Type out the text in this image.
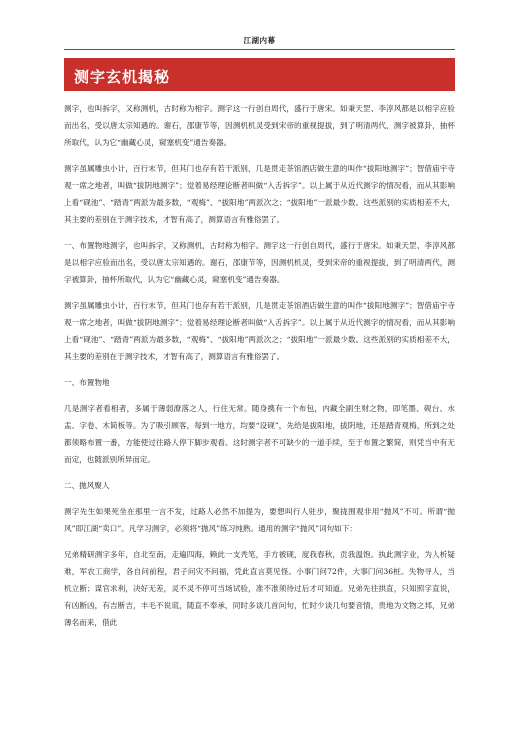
江湖内幕
测字玄机揭秘

测字，也叫拆字，又称测机，古时称为相字。测字这一行创自周代，盛行于唐宋。如秉天罡、李淳风都是以相字应验而出名，受以唐太宗知遇的。谢石，邵康节等，因测机机灵受到宋帝的重视提拔，到了明清两代，测字被算卦，抽杯所取代，认为它“幽藏心灵，窥塞机变”通告奏器。

测字虽属雕虫小计，百行末节，但其门也存有若干派别，几是贯走茶馆酒店做生意的叫作“拔阳地测字”；智借庙宇寺观一席之地者，叫做“拔阴地测字”；觉着易经理论断者叫做“入舌拆字”。以上属于从近代测字的情况看，而从其影响上看“砚池”、“踏青”两派为最多数，“观梅”、“拔阳地”两派次之；“拔阳地”一派最少数。这些派别的实质相差不大，其主要的差别在于测字技术，才智有高了，测算语言有雅俗罢了。

一、布置物地测字，也叫拆字，又称测机，古时称为相字。测字这一行创自周代，盛行于唐宋。如秉天罡、李淳风都是以相字应验而出名，受以唐太宗知遇的。谢石，邵康节等，因测机机灵，受到宋帝的重视提拔，到了明清两代，测字被算卦，抽杯所取代，认为它“幽藏心灵，窥塞机变”通告奏器。

测字虽属雕虫小计，百行末节，但其门也存有若干派别，几是贯走茶馆酒店做生意的叫作“拔阳地测字”；智借庙宇寺观一席之地者，叫做“拔阴地测字”；觉着易经理论断者叫做“入舌拆字”。以上属于从近代测字的情况看，而从其影响上看“砚池”、“踏青”两派为最多数，“观梅”、“拔阳地”两派次之；“拔阳地”一派最少数。这些派别的实质相差不大，其主要的差别在于测字技术，才智有高了，测算语言有雅俗罢了。

一、布置物地

几是测字者看相者，多属于薄弱潦落之人，行住无常。随身携有一个布包，内藏全副生财之物，即笔墨、砚台、水盂、字卷、木简板等。为了吸引顾客，每到一地方，均要“设砚”，先给是拔阳地，拔阴地，还是踏青观梅，所到之处都须略布置一番，方能使过往路人停下脚步观看。这时测字者不可缺少的一道手续，至于布置之繁简，则凭当中有无而定，也随派别所异而定。

二、抛风聚人

测字先生如果死坐在那里一言不发，过路人必然不加提为，要想叫行人驻步，聚拢围观非用“抛风”不可。所谓“抛风”即江湖“卖口”。凡学习测字，必须将“抛风”练习纯熟。通用的测字“抛风”词句如下：

兄弟精研测字多年，自北至南，走遍四海，赖此一支秃笔，手方被砚，度我春秋，贡我温饱。执此测字业，为人析疑难，军农工商学，各自问前程，君子问灾不问福，凭此直言莫见怪。小事门问72件，大事门问36桩。失物寻人，当机立断；谋官求利，决好无差，灵不灵不停可当场试验，准不准须待过后才可知道。兄弟先往拱直，只知照字直说，有凶断凶，有吉断吉，丰毛不说谎，随直不奉承，同时多谈几首问句，忙时少谈几句要音情，贵地为文物之邦，兄弟薄名而来，借此
